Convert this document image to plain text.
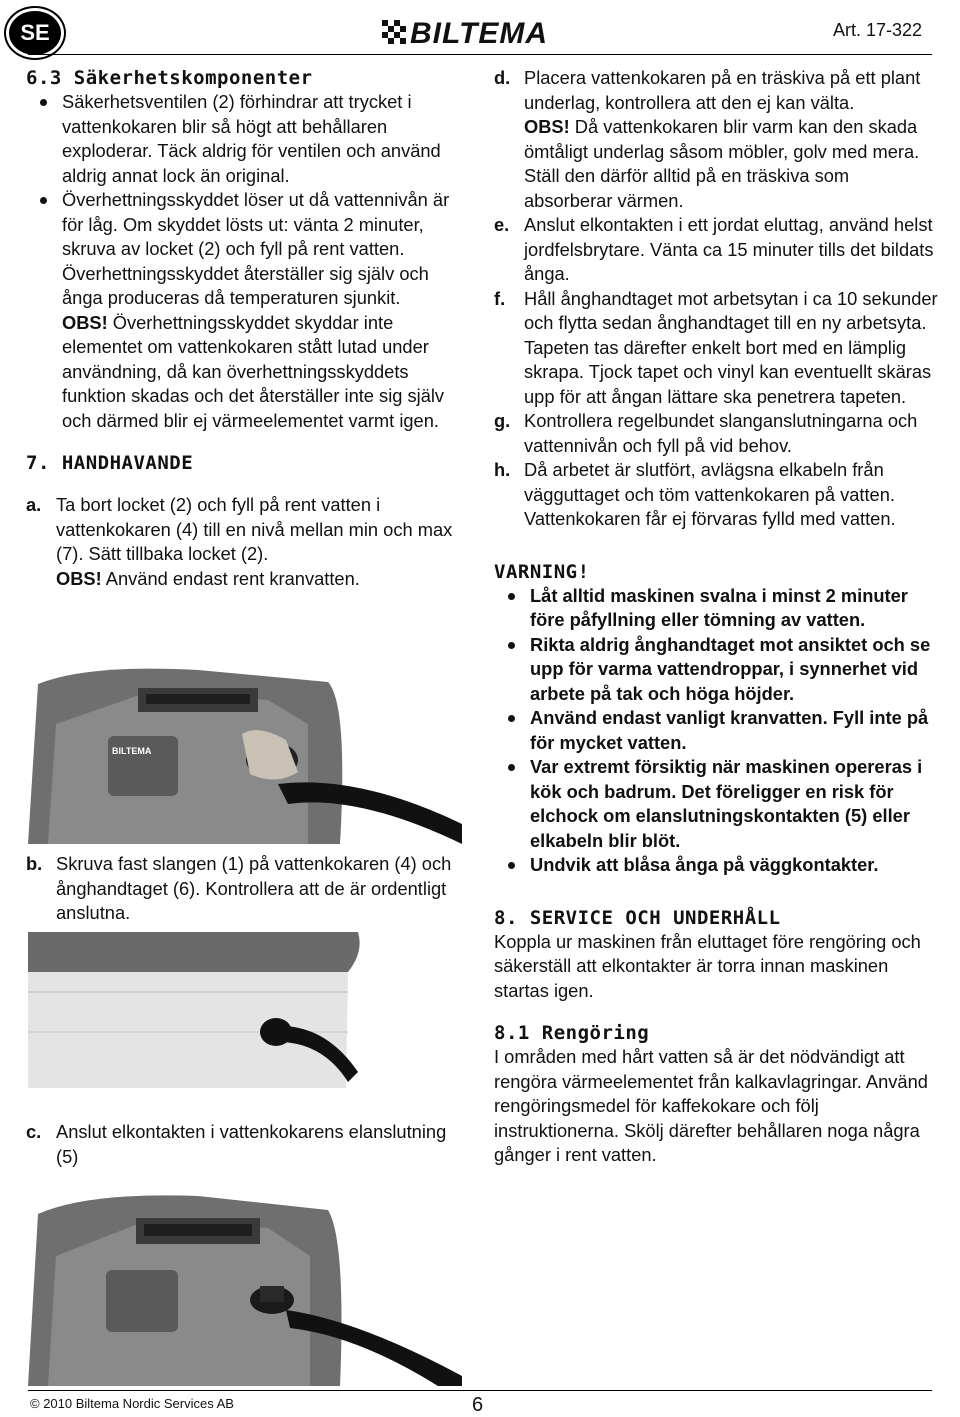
SE	BILTEMA	Art. 17-322
6.3 Säkerhetskomponenter
Säkerhetsventilen (2) förhindrar att trycket i vattenkokaren blir så högt att behållaren exploderar. Täck aldrig för ventilen och använd aldrig annat lock än original.
Överhettningsskyddet löser ut då vattennivån är för låg. Om skyddet lösts ut: vänta 2 minuter, skruva av locket (2) och fyll på rent vatten. Överhettningsskyddet återställer sig själv och ånga produceras då temperaturen sjunkit.
OBS! Överhettningsskyddet skyddar inte elementet om vattenkokaren stått lutad under användning, då kan överhettningsskyddets funktion skadas och det återställer inte sig själv och därmed blir ej värmeelementet varmt igen.
7. HANDHAVANDE
a. Ta bort locket (2) och fyll på rent vatten i vattenkokaren (4) till en nivå mellan min och max (7). Sätt tillbaka locket (2).
OBS! Använd endast rent kranvatten.
BILTEMA
b. Skruva fast slangen (1) på vattenkokaren (4) och ånghandtaget (6). Kontrollera att de är ordentligt anslutna.
c. Anslut elkontakten i vattenkokarens elanslutning (5)
d. Placera vattenkokaren på en träskiva på ett plant underlag, kontrollera att den ej kan välta.
OBS! Då vattenkokaren blir varm kan den skada ömtåligt underlag såsom möbler, golv med mera. Ställ den därför alltid på en träskiva som absorberar värmen.
e. Anslut elkontakten i ett jordat eluttag, använd helst jordfelsbrytare. Vänta ca 15 minuter tills det bildats ånga.
f. Håll ånghandtaget mot arbetsytan i ca 10 sekunder och flytta sedan ånghandtaget till en ny arbetsyta. Tapeten tas därefter enkelt bort med en lämplig skrapa. Tjock tapet och vinyl kan eventuellt skäras upp för att ångan lättare ska penetrera tapeten.
g. Kontrollera regelbundet slanganslutningarna och vattennivån och fyll på vid behov.
h. Då arbetet är slutfört, avlägsna elkabeln från vägguttaget och töm vattenkokaren på vatten. Vattenkokaren får ej förvaras fylld med vatten.
VARNING!
Låt alltid maskinen svalna i minst 2 minuter före påfyllning eller tömning av vatten.
Rikta aldrig ånghandtaget mot ansiktet och se upp för varma vattendroppar, i synnerhet vid arbete på tak och höga höjder.
Använd endast vanligt kranvatten. Fyll inte på för mycket vatten.
Var extremt försiktig när maskinen opereras i kök och badrum. Det föreligger en risk för elchock om elanslutningskontakten (5) eller elkabeln blir blöt.
Undvik att blåsa ånga på väggkontakter.
8. SERVICE OCH UNDERHÅLL
Koppla ur maskinen från eluttaget före rengöring och säkerställ att elkontakter är torra innan maskinen startas igen.
8.1 Rengöring
I områden med hårt vatten så är det nödvändigt att rengöra värmeelementet från kalkavlagringar. Använd rengöringsmedel för kaffekokare och följ instruktionerna. Skölj därefter behållaren noga några gånger i rent vatten.
© 2010 Biltema Nordic Services AB	6
